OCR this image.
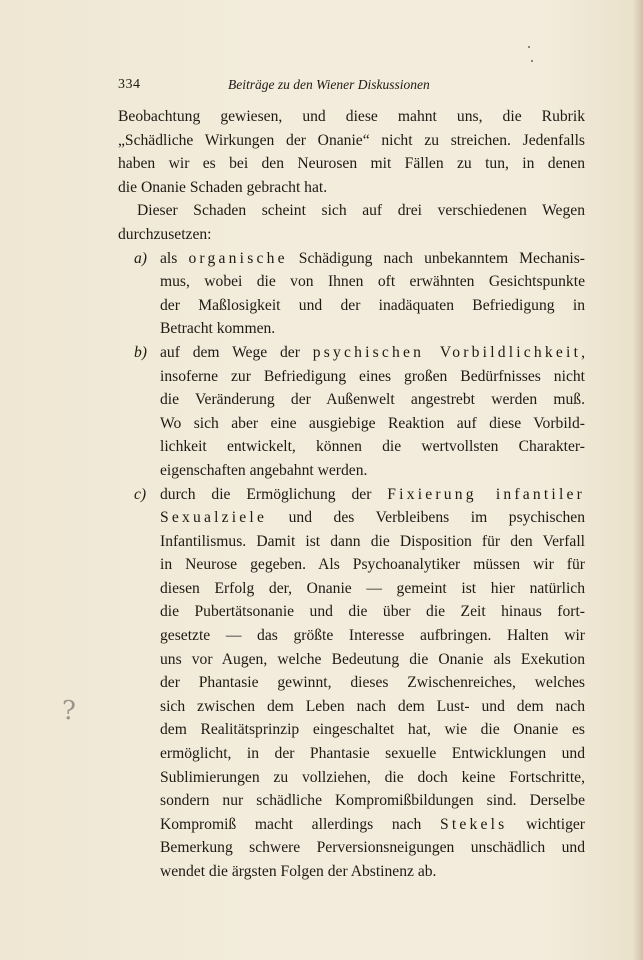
334	Beiträge zu den Wiener Diskussionen
?
Beobachtung gewiesen, und diese mahnt uns, die Rubrik
„Schädliche Wirkungen der Onanie“ nicht zu streichen. Jedenfalls
haben wir es bei den Neurosen mit Fällen zu tun, in denen
die Onanie Schaden gebracht hat.
Dieser Schaden scheint sich auf drei verschiedenen Wegen
durchzusetzen:
a) als organische Schädigung nach unbekanntem Mechanis-
mus, wobei die von Ihnen oft erwähnten Gesichtspunkte
der Maßlosigkeit und der inadäquaten Befriedigung in
Betracht kommen.
b) auf dem Wege der psychischen Vorbildlichkeit,
insoferne zur Befriedigung eines großen Bedürfnisses nicht
die Veränderung der Außenwelt angestrebt werden muß.
Wo sich aber eine ausgiebige Reaktion auf diese Vorbild-
lichkeit entwickelt, können die wertvollsten Charakter-
eigenschaften angebahnt werden.
c) durch die Ermöglichung der Fixierung infantiler
Sexualziele und des Verbleibens im psychischen
Infantilismus. Damit ist dann die Disposition für den Verfall
in Neurose gegeben. Als Psychoanalytiker müssen wir für
diesen Erfolg der, Onanie — gemeint ist hier natürlich
die Pubertätsonanie und die über die Zeit hinaus fort-
gesetzte — das größte Interesse aufbringen. Halten wir
uns vor Augen, welche Bedeutung die Onanie als Exekution
der Phantasie gewinnt, dieses Zwischenreiches, welches
sich zwischen dem Leben nach dem Lust- und dem nach
dem Realitätsprinzip eingeschaltet hat, wie die Onanie es
ermöglicht, in der Phantasie sexuelle Entwicklungen und
Sublimierungen zu vollziehen, die doch keine Fortschritte,
sondern nur schädliche Kompromißbildungen sind. Derselbe
Kompromiß macht allerdings nach Stekels wichtiger
Bemerkung schwere Perversionsneigungen unschädlich und
wendet die ärgsten Folgen der Abstinenz ab.
